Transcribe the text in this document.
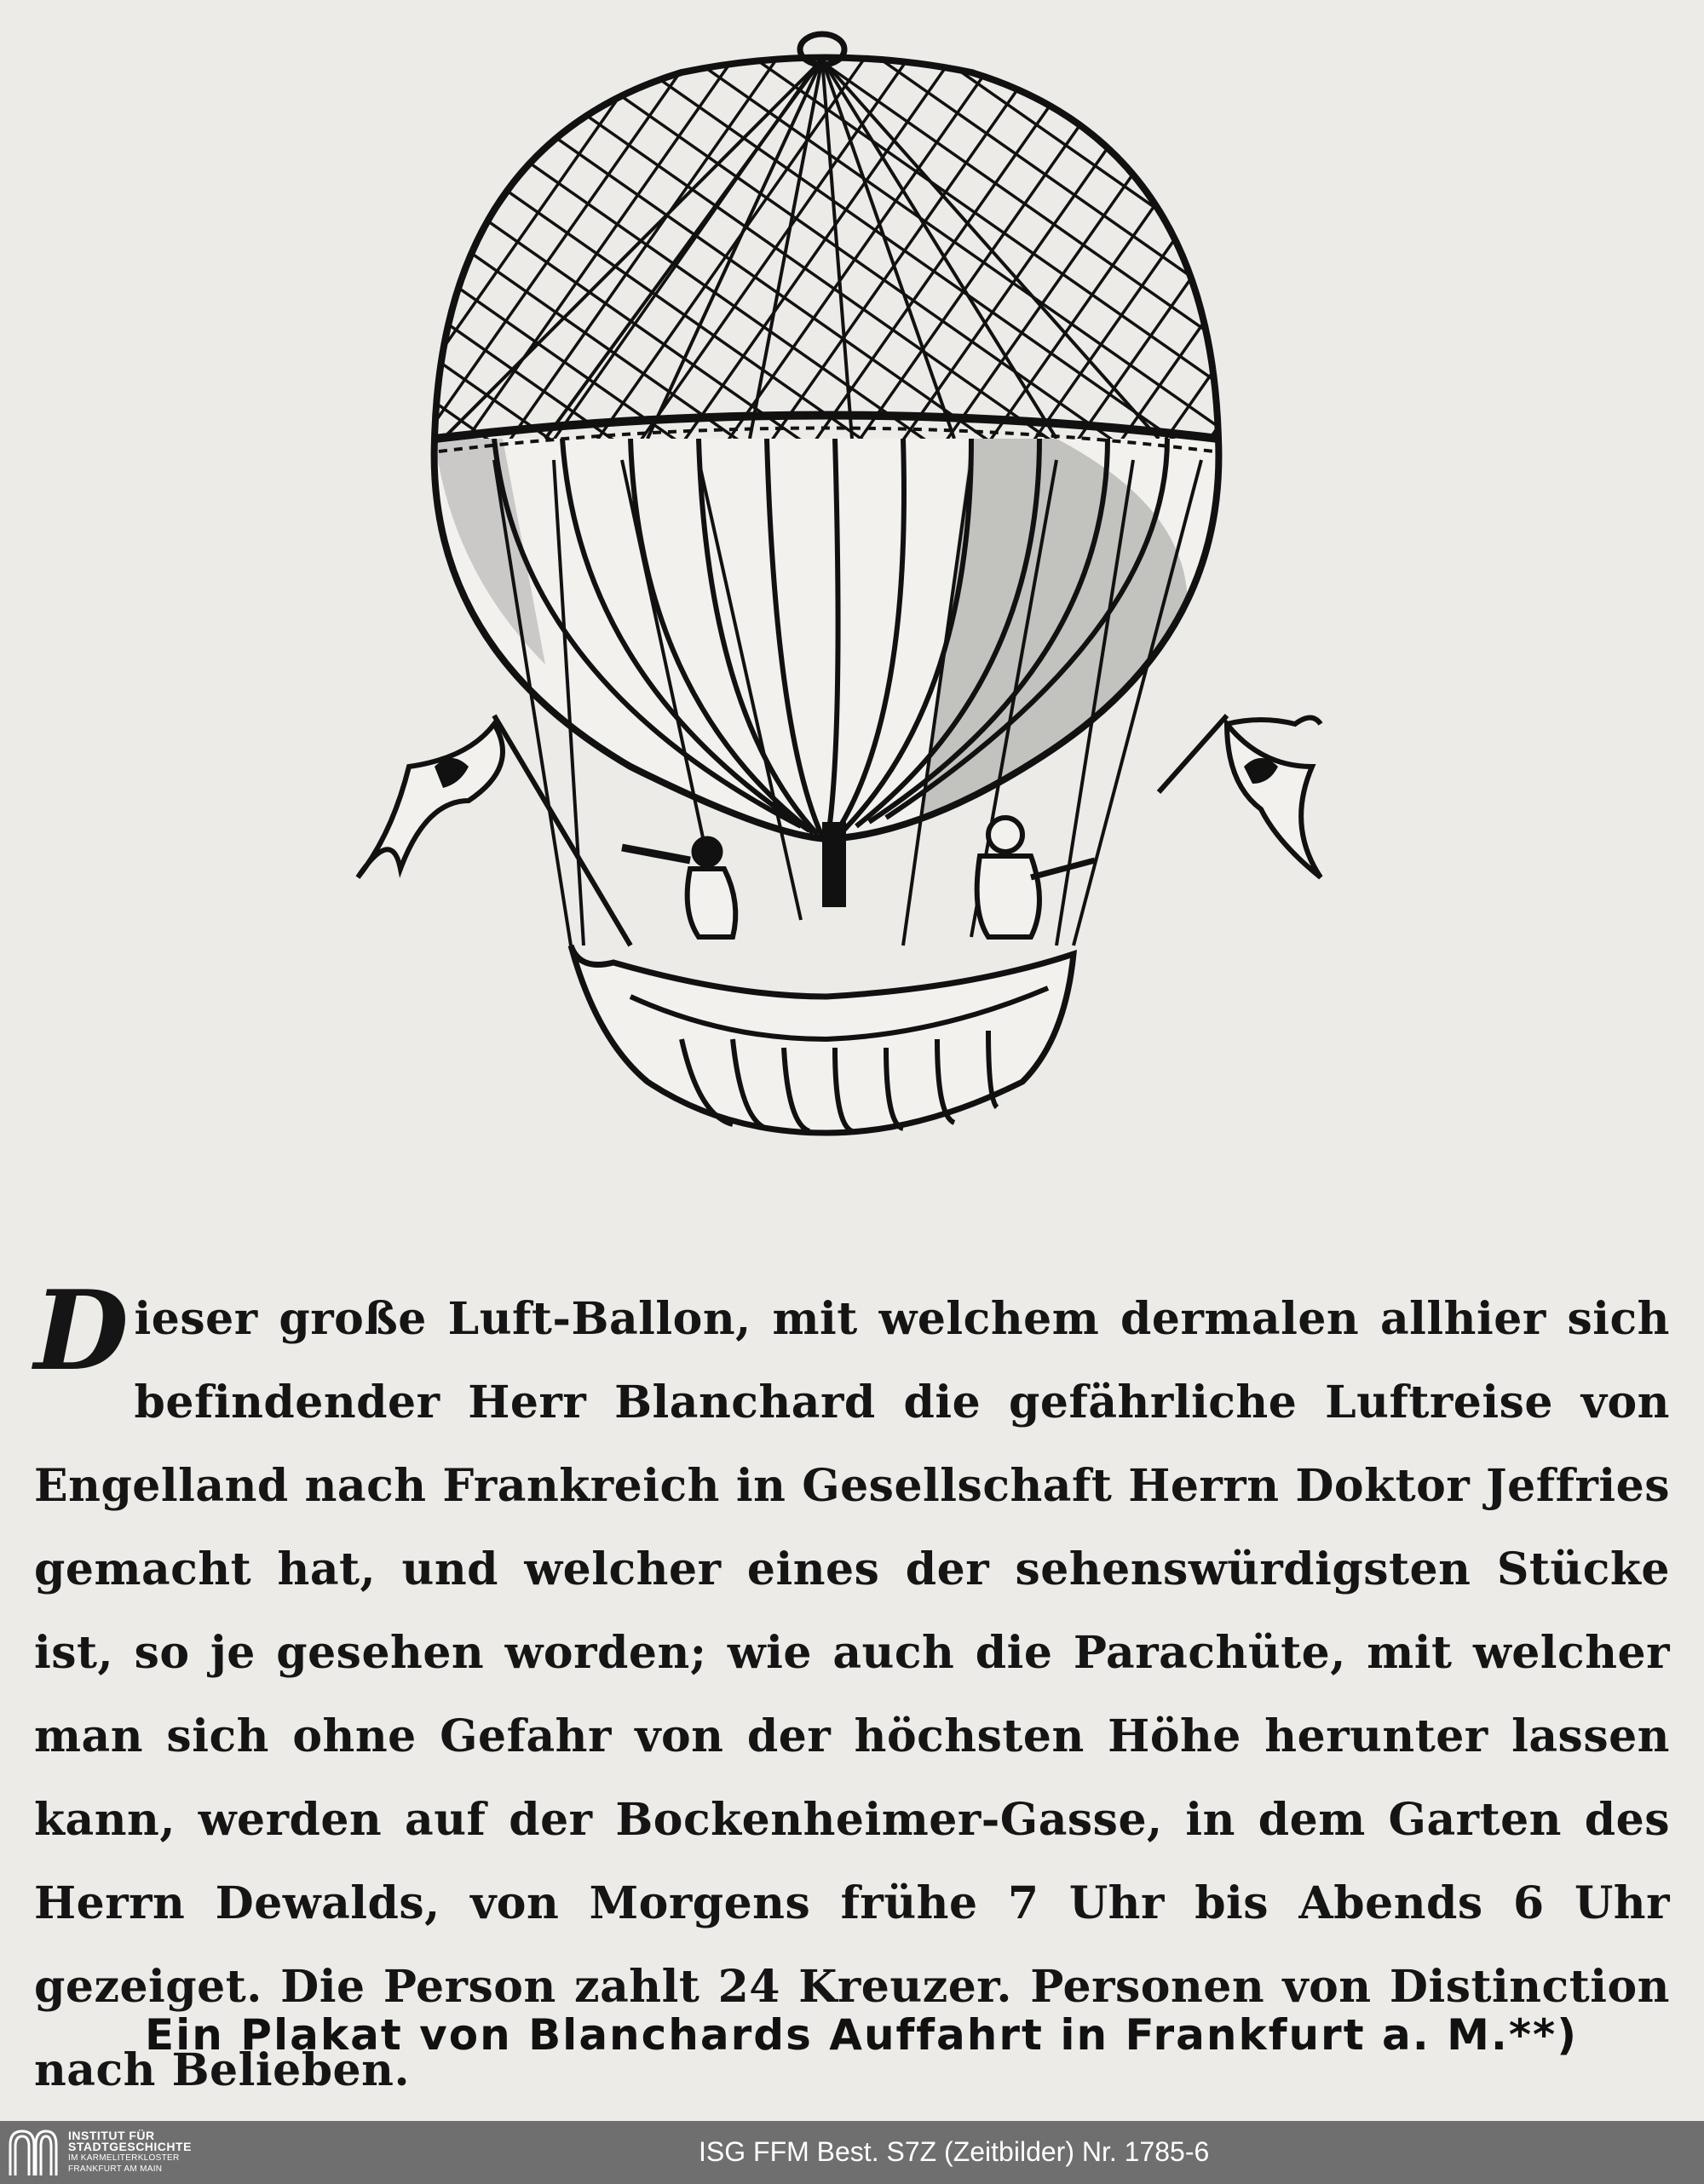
Dieser große Luft-Ballon, mit welchem dermalen allhier sich befindender Herr Blanchard die gefährliche Luftreise von Engelland nach Frankreich in Gesellschaft Herrn Doktor Jeffries gemacht hat, und welcher eines der sehenswürdigsten Stücke ist, so je gesehen worden; wie auch die Parachüte, mit welcher man sich ohne Gefahr von der höchsten Höhe herunter lassen kann, werden auf der Bockenheimer-Gasse, in dem Garten des Herrn Dewalds, von Morgens frühe 7 Uhr bis Abends 6 Uhr gezeiget. Die Person zahlt 24 Kreuzer. Personen von Distinction nach Belieben.
Ein Plakat von Blanchards Auffahrt in Frankfurt a. M.**)
INSTITUT FÜR
STADTGESCHICHTE
IM KARMELITERKLOSTER
FRANKFURT AM MAIN
ISG FFM Best. S7Z (Zeitbilder) Nr. 1785-6
